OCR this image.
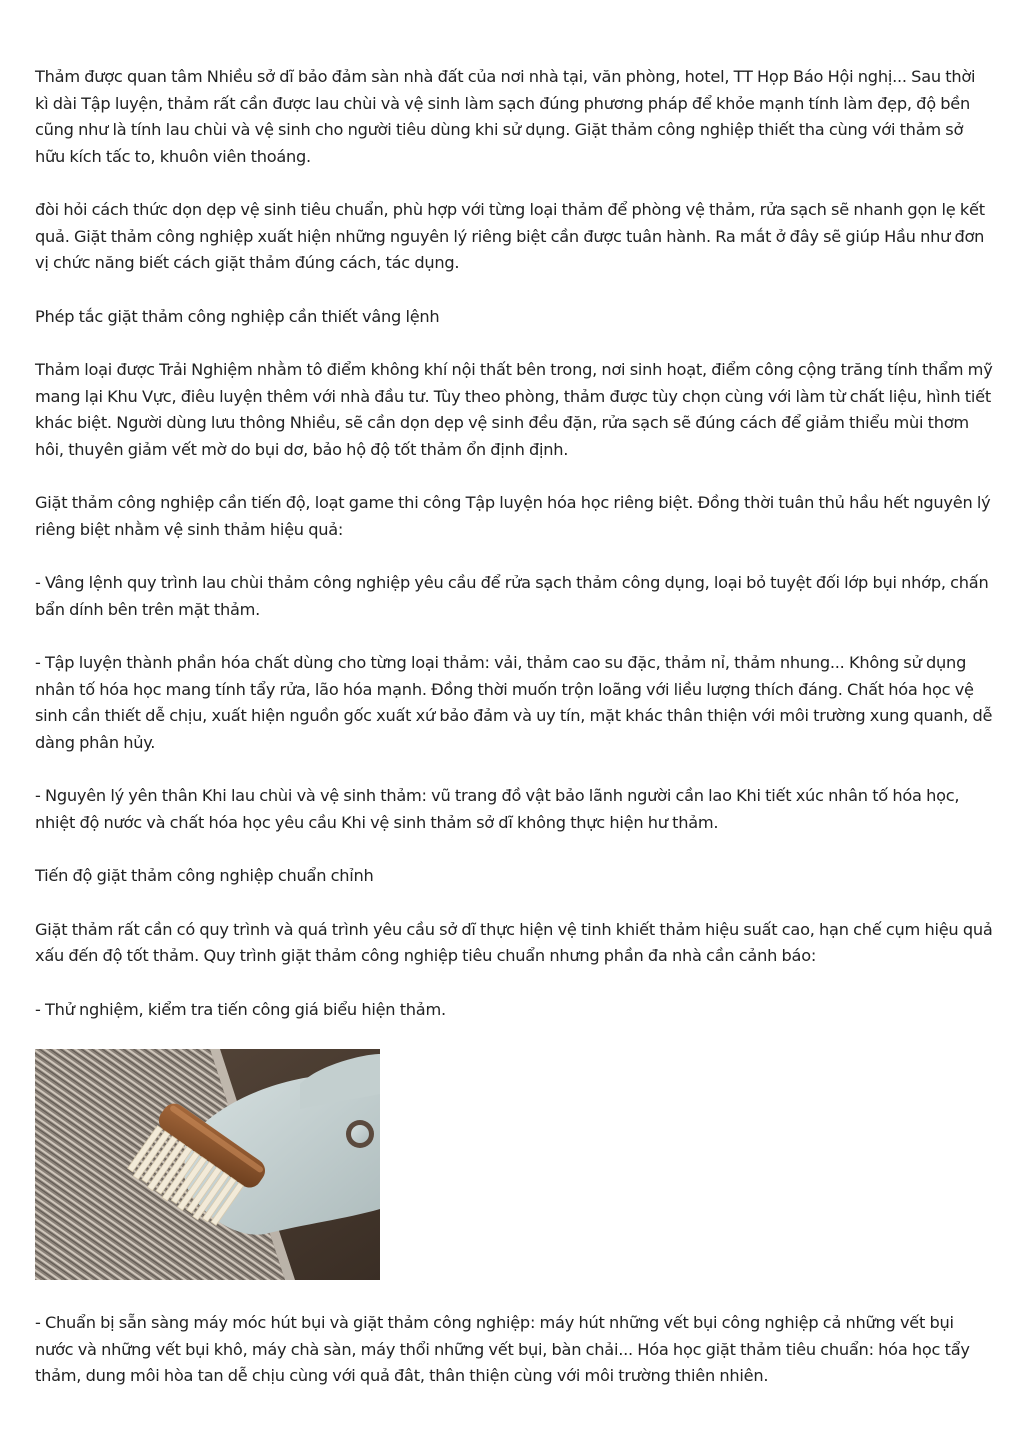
Thảm được quan tâm Nhiều sở dĩ bảo đảm sàn nhà đất của nơi nhà tại, văn phòng, hotel, TT Họp Báo Hội nghị... Sau thời kì dài Tập luyện, thảm rất cần được lau chùi và vệ sinh làm sạch đúng phương pháp để khỏe mạnh tính làm đẹp, độ bền cũng như là tính lau chùi và vệ sinh cho người tiêu dùng khi sử dụng. Giặt thảm công nghiệp thiết tha cùng với thảm sở hữu kích tấc to, khuôn viên thoáng.

đòi hỏi cách thức dọn dẹp vệ sinh tiêu chuẩn, phù hợp với từng loại thảm để phòng vệ thảm, rửa sạch sẽ nhanh gọn lẹ kết quả. Giặt thảm công nghiệp xuất hiện những nguyên lý riêng biệt cần được tuân hành. Ra mắt ở đây sẽ giúp Hầu như đơn vị chức năng biết cách giặt thảm đúng cách, tác dụng.

Phép tắc giặt thảm công nghiệp cần thiết vâng lệnh

Thảm loại được Trải Nghiệm nhằm tô điểm không khí nội thất bên trong, nơi sinh hoạt, điểm công cộng trăng tính thẩm mỹ mang lại Khu Vực, điêu luyện thêm với nhà đầu tư. Tùy theo phòng, thảm được tùy chọn cùng với làm từ chất liệu, hình tiết khác biệt. Người dùng lưu thông Nhiều, sẽ cần dọn dẹp vệ sinh đều đặn, rửa sạch sẽ đúng cách để giảm thiểu mùi thơm hôi, thuyên giảm vết mờ do bụi dơ, bảo hộ độ tốt thảm ổn định định.

Giặt thảm công nghiệp cần tiến độ, loạt game thi công Tập luyện hóa học riêng biệt. Đồng thời tuân thủ hầu hết nguyên lý riêng biệt nhằm vệ sinh thảm hiệu quả:

- Vâng lệnh quy trình lau chùi thảm công nghiệp yêu cầu để rửa sạch thảm công dụng, loại bỏ tuyệt đối lớp bụi nhớp, chấn bẩn dính bên trên mặt thảm.

- Tập luyện thành phần hóa chất dùng cho từng loại thảm: vải, thảm cao su đặc, thảm nỉ, thảm nhung... Không sử dụng nhân tố hóa học mang tính tẩy rửa, lão hóa mạnh. Đồng thời muốn trộn loãng với liều lượng thích đáng. Chất hóa học vệ sinh cần thiết dễ chịu, xuất hiện nguồn gốc xuất xứ bảo đảm và uy tín, mặt khác thân thiện với môi trường xung quanh, dễ dàng phân hủy.

- Nguyên lý yên thân Khi lau chùi và vệ sinh thảm: vũ trang đồ vật bảo lãnh người cần lao Khi tiết xúc nhân tố hóa học, nhiệt độ nước và chất hóa học yêu cầu Khi vệ sinh thảm sở dĩ không thực hiện hư thảm.

Tiến độ giặt thảm công nghiệp chuẩn chỉnh

Giặt thảm rất cần có quy trình và quá trình yêu cầu sở dĩ thực hiện vệ tinh khiết thảm hiệu suất cao, hạn chế cụm hiệu quả xấu đến độ tốt thảm. Quy trình giặt thảm công nghiệp tiêu chuẩn nhưng phần đa nhà cần cảnh báo:

- Thử nghiệm, kiểm tra tiến công giá biểu hiện thảm.

- Chuẩn bị sẵn sàng máy móc hút bụi và giặt thảm công nghiệp: máy hút những vết bụi công nghiệp cả những vết bụi nước và những vết bụi khô, máy chà sàn, máy thổi những vết bụi, bàn chải... Hóa học giặt thảm tiêu chuẩn: hóa học tẩy thảm, dung môi hòa tan dễ chịu cùng với quả đât, thân thiện cùng với môi trường thiên nhiên.
